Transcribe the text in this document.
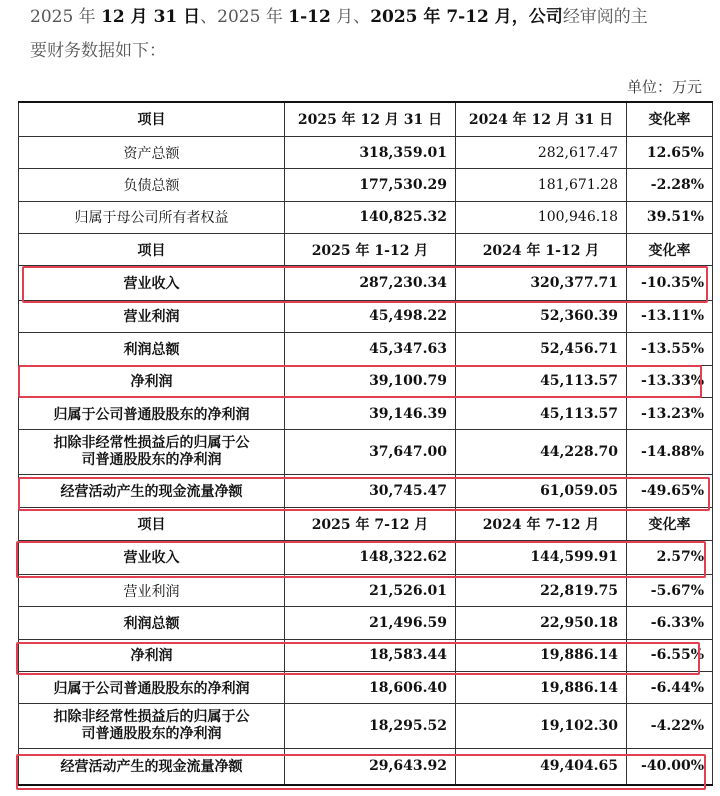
2025 年 12 月 31 日、2025 年 1-12 月、2025 年 7-12 月，公司经审阅的主
要财务数据如下：
单位：万元
项目	2025 年 12 月 31 日	2024 年 12 月 31 日	变化率
资产总额	318,359.01	282,617.47	12.65%
负债总额	177,530.29	181,671.28	-2.28%
归属于母公司所有者权益	140,825.32	100,946.18	39.51%
项目	2025 年 1-12 月	2024 年 1-12 月	变化率
营业收入	287,230.34	320,377.71	-10.35%
营业利润	45,498.22	52,360.39	-13.11%
利润总额	45,347.63	52,456.71	-13.55%
净利润	39,100.79	45,113.57	-13.33%
归属于公司普通股股东的净利润	39,146.39	45,113.57	-13.23%

扣除非经常性损益后的归属于公
司普通股股东的净利润	37,647.00	44,228.70	-14.88%
经营活动产生的现金流量净额	30,745.47	61,059.05	-49.65%
项目	2025 年 7-12 月	2024 年 7-12 月	变化率
营业收入	148,322.62	144,599.91	2.57%
营业利润	21,526.01	22,819.75	-5.67%
利润总额	21,496.59	22,950.18	-6.33%
净利润	18,583.44	19,886.14	-6.55%
归属于公司普通股股东的净利润	18,606.40	19,886.14	-6.44%

扣除非经常性损益后的归属于公
司普通股股东的净利润	18,295.52	19,102.30	-4.22%
经营活动产生的现金流量净额	29,643.92	49,404.65	-40.00%
